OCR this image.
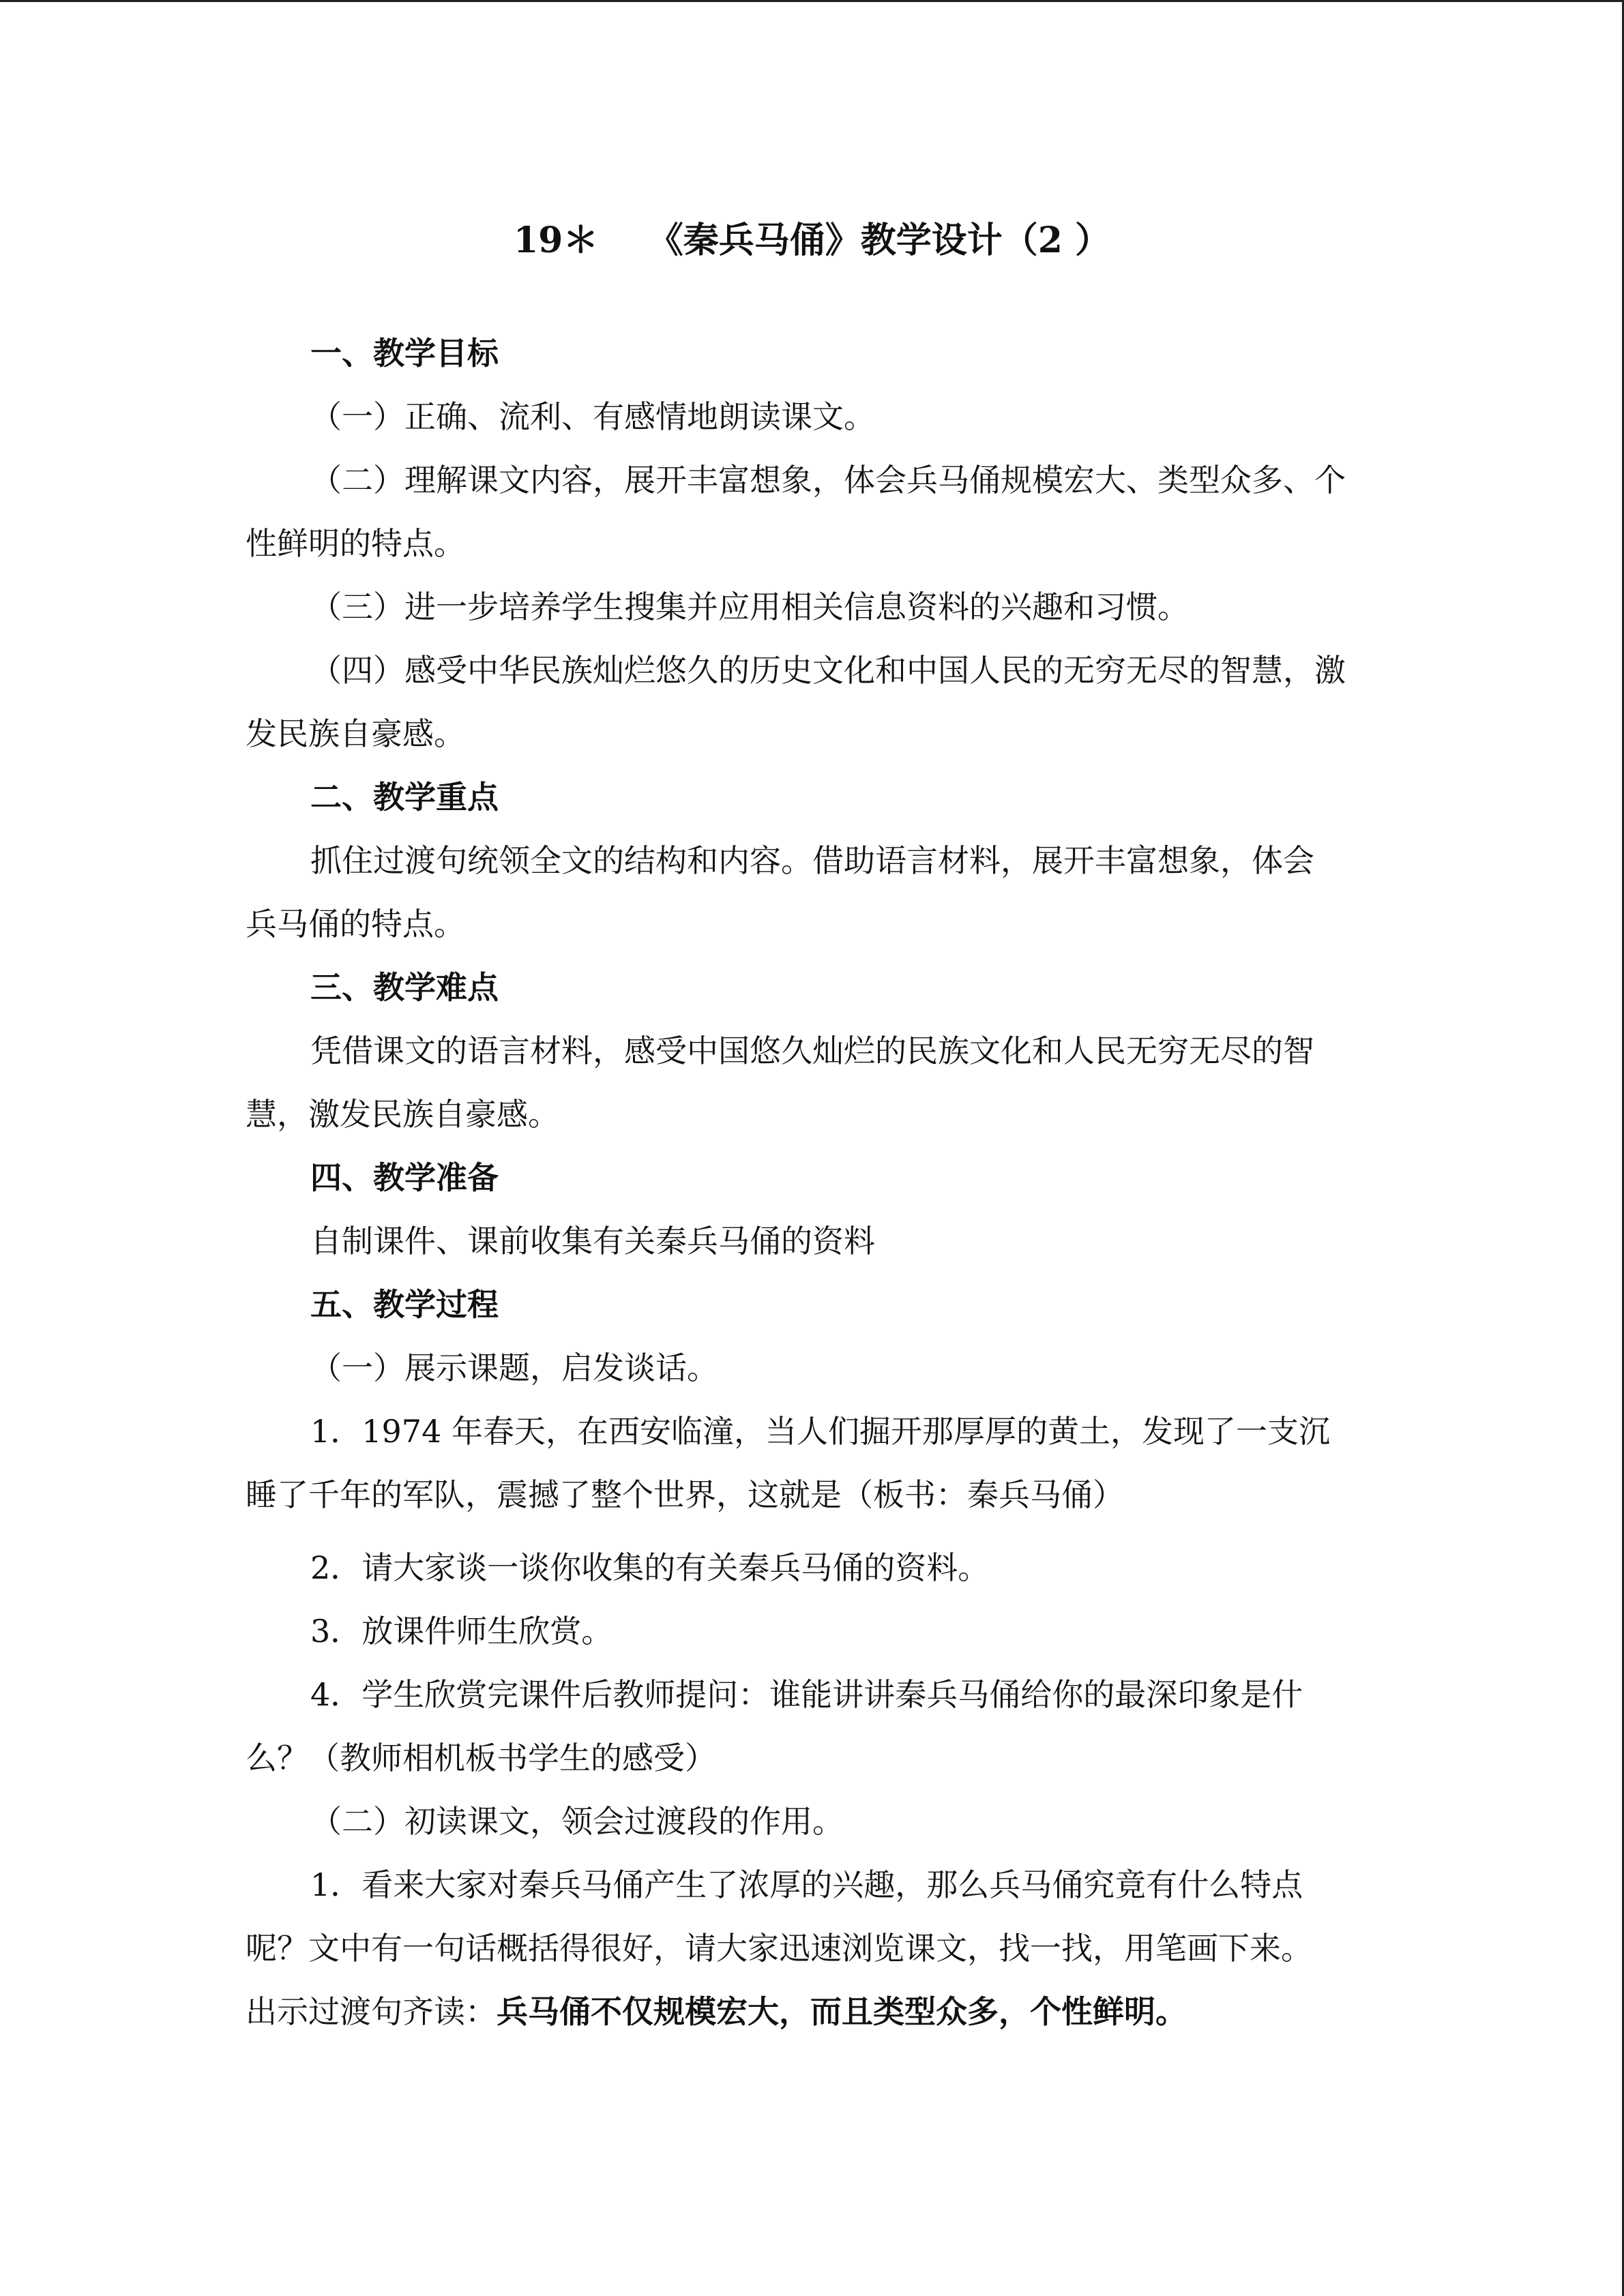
19＊    《秦兵马俑》教学设计（2 ）
一、教学目标
（一）正确、流利、有感情地朗读课文。
（二）理解课文内容，展开丰富想象，体会兵马俑规模宏大、类型众多、个
性鲜明的特点。
（三）进一步培养学生搜集并应用相关信息资料的兴趣和习惯。
（四）感受中华民族灿烂悠久的历史文化和中国人民的无穷无尽的智慧，激
发民族自豪感。
二、教学重点
抓住过渡句统领全文的结构和内容。借助语言材料，展开丰富想象，体会
兵马俑的特点。
三、教学难点
凭借课文的语言材料，感受中国悠久灿烂的民族文化和人民无穷无尽的智
慧，激发民族自豪感。
四、教学准备
自制课件、课前收集有关秦兵马俑的资料
五、教学过程
（一）展示课题，启发谈话。
1．1974 年春天，在西安临潼，当人们掘开那厚厚的黄土，发现了一支沉
睡了千年的军队，震撼了整个世界，这就是（板书：秦兵马俑）
2．请大家谈一谈你收集的有关秦兵马俑的资料。
3．放课件师生欣赏。
4．学生欣赏完课件后教师提问：谁能讲讲秦兵马俑给你的最深印象是什
么？（教师相机板书学生的感受）
（二）初读课文，领会过渡段的作用。
1．看来大家对秦兵马俑产生了浓厚的兴趣，那么兵马俑究竟有什么特点
呢？文中有一句话概括得很好，请大家迅速浏览课文，找一找，用笔画下来。
出示过渡句齐读：兵马俑不仅规模宏大，而且类型众多，个性鲜明。
